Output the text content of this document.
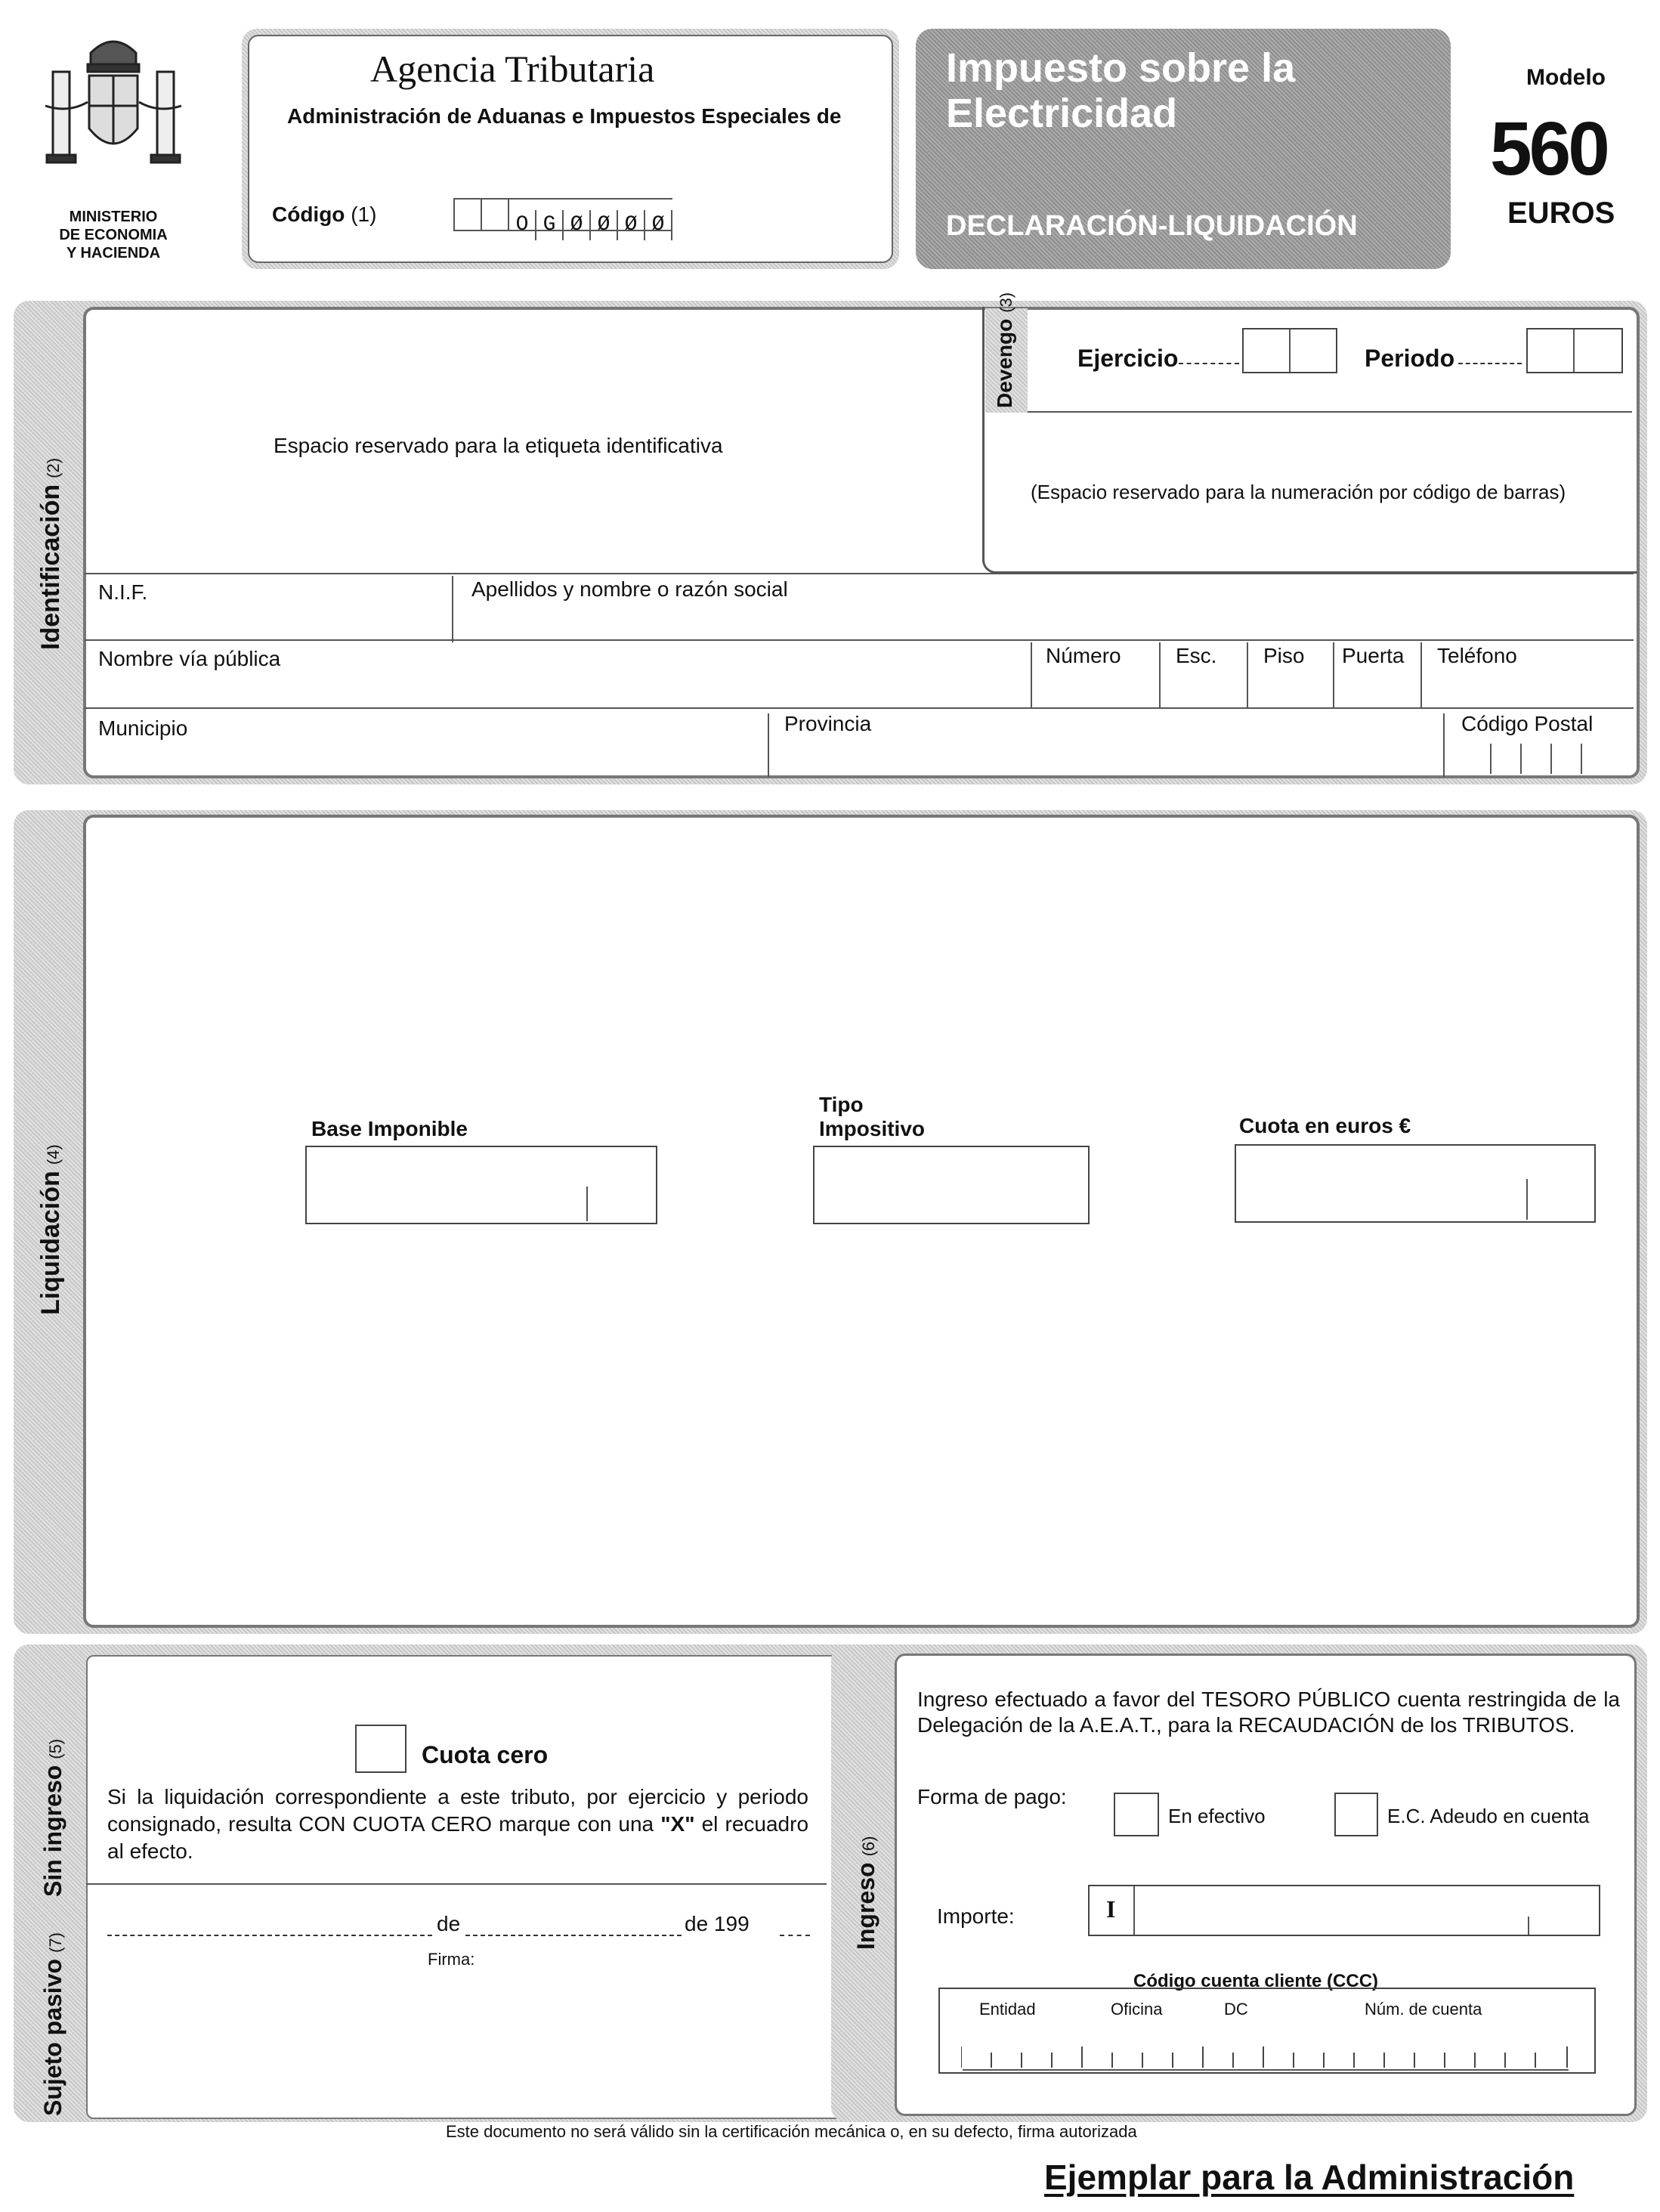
MINISTERIO
DE ECONOMIA
Y HACIENDA
Agencia Tributaria
Administración de Aduanas e Impuestos Especiales de
Código (1)	O G Ø Ø Ø Ø
Impuesto sobre la
Electricidad
DECLARACIÓN-LIQUIDACIÓN
Modelo
560
EUROS
Identificación(2)
Espacio reservado para la etiqueta identificativa
Devengo(3)
Ejercicio	Periodo
(Espacio reservado para la numeración por código de barras)
N.I.F.	Apellidos y nombre o razón social
Nombre vía pública	Número	Esc. Piso Puerta Teléfono
Municipio	Provincia	Código Postal
Liquidación(4)
Base Imponible
Tipo
Impositivo	Cuota en euros €
Sin ingreso(5)	Cuota cero
Si la liquidación correspondiente a este tributo, por ejercicio y periodo consignado, resulta CON CUOTA CERO marque con una "X" el recuadro al efecto.
Sujeto pasivo(7)
de	de 199
Firma:
Ingreso(6)
Ingreso efectuado a favor del TESORO PÚBLICO cuenta restringida de la Delegación de la A.E.A.T., para la RECAUDACIÓN de los TRIBUTOS.
Forma de pago:
En efectivo	E.C. Adeudo en cuenta
Importe:	I
Código cuenta cliente (CCC)
Entidad	Oficina	DC	Núm. de cuenta
Este documento no será válido sin la certificación mecánica o, en su defecto, firma autorizada
Ejemplar para la Administración
